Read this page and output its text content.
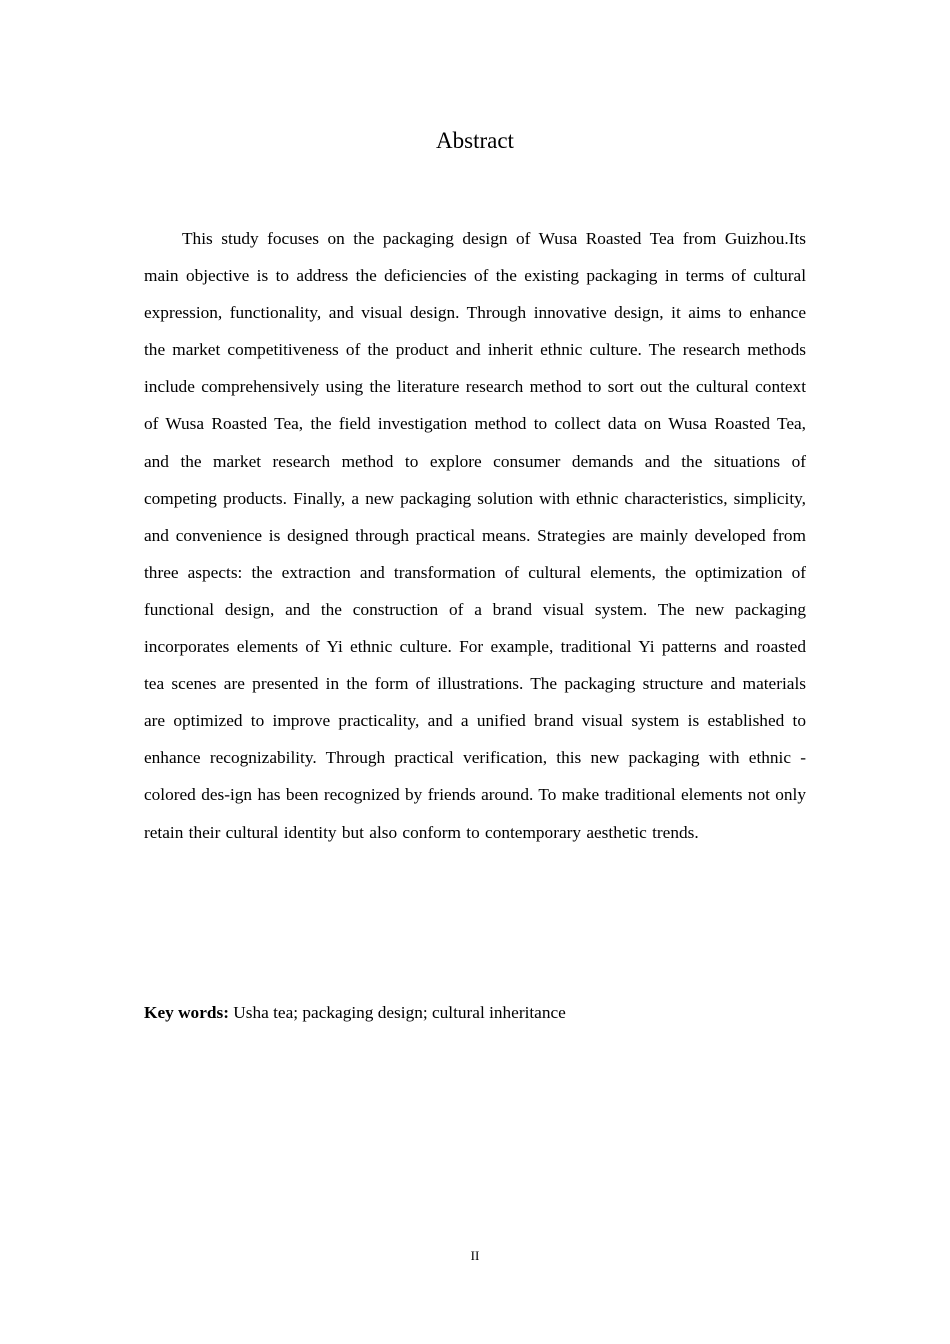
Abstract

This study focuses on the packaging design of Wusa Roasted Tea from Guizhou.Its main objective is to address the deficiencies of the existing packaging in terms of cultural expression, functionality, and visual design. Through innovative design, it aims to enhance the market competitiveness of the product and inherit ethnic culture. The research methods include comprehensively using the literature research method to sort out the cultural context of Wusa Roasted Tea, the field investigation method to collect data on Wusa Roasted Tea, and the market research method to explore consumer demands and the situations of competing products. Finally, a new packaging solution with ethnic characteristics, simplicity, and convenience is designed through practical means. Strategies are mainly developed from three aspects: the extraction and transformation of cultural elements, the optimization of functional design, and the construction of a brand visual system. The new packaging incorporates elements of Yi ethnic culture. For example, traditional Yi patterns and roasted tea scenes are presented in the form of illustrations. The packaging structure and materials are optimized to improve practicality, and a unified brand visual system is established to enhance recognizability. Through practical verification, this new packaging with ethnic - colored des-ign has been recognized by friends around. To make traditional elements not only retain their cultural identity but also conform to contemporary aesthetic trends.

Key words: Usha tea; packaging design; cultural inheritance
II
